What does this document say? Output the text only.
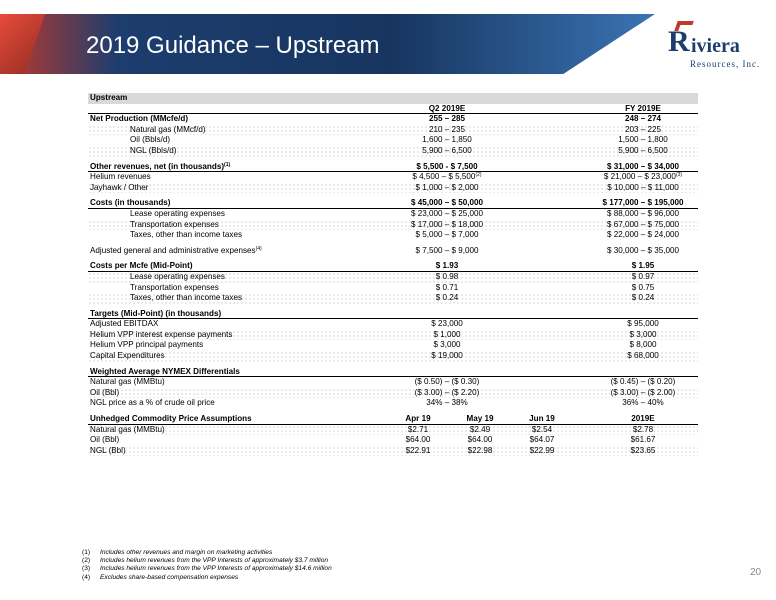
2019 Guidance – Upstream	R iviera
Resources, Inc.
Upstream
Q2 2019E	FY 2019E
Net Production (MMcfe/d)	255 – 285	248 – 274
Natural gas (MMcf/d)	210 – 235	203 – 225
Oil (Bbls/d)	1,600 – 1,850	1,500 – 1,800
NGL (Bbls/d)	5,900 – 6,500	5,900 – 6,500
Other revenues, net (in thousands)$^{(1)}$	$ 5,500 - $ 7,500	$ 31,000 – $ 34,000
Helium revenues	$ 4,500 – $ 5,500$^{(2)}$	$ 21,000 – $ 23,000$^{(3)}$
Jayhawk / Other	$ 1,000 – $ 2,000	$ 10,000 – $ 11,000
Costs (in thousands)	$ 45,000 – $ 50,000	$ 177,000 – $ 195,000
Lease operating expenses	$ 23,000 – $ 25,000	$ 88,000 – $ 96,000
Transportation expenses	$ 17,000 – $ 18,000	$ 67,000 – $ 75,000
Taxes, other than income taxes	$ 5,000 – $ 7,000	$ 22,000 – $ 24,000
Adjusted general and administrative expenses$^{(4)}$	$ 7,500 – $ 9,000	$ 30,000 – $ 35,000
Costs per Mcfe (Mid-Point)	$ 1.93	$ 1.95
Lease operating expenses	$ 0.98	$ 0.97
Transportation expenses	$ 0.71	$ 0.75
Taxes, other than income taxes	$ 0.24	$ 0.24
Targets (Mid-Point) (in thousands)
Adjusted EBITDAX	$ 23,000	$ 95,000
Helium VPP interest expense payments	$ 1,000	$ 3,000
Helium VPP principal payments	$ 3,000	$ 8,000
Capital Expenditures	$ 19,000	$ 68,000
Weighted Average NYMEX Differentials
Natural gas (MMBtu)	($ 0.50) – ($ 0.30)	($ 0.45) – ($ 0.20)
Oil (Bbl)	($ 3.00) – ($ 2.20)	($ 3.00) – ($ 2.00)
NGL price as a % of crude oil price	34% – 38%	36% – 40%
Unhedged Commodity Price Assumptions	Apr 19	May 19	Jun 19	2019E
Natural gas (MMBtu)	$2.71	$2.49	$2.54	$2.78
Oil (Bbl)	$64.00	$64.00	$64.07	$61.67
NGL (Bbl)	$22.91	$22.98	$22.99	$23.65
(1) Includes other revenues and margin on marketing activities
(2) Includes helium revenues from the VPP Interests of approximately $3.7 million
(3) Includes helium revenues from the VPP Interests of approximately $14.6 million
(4) Excludes share-based compensation expenses	20
